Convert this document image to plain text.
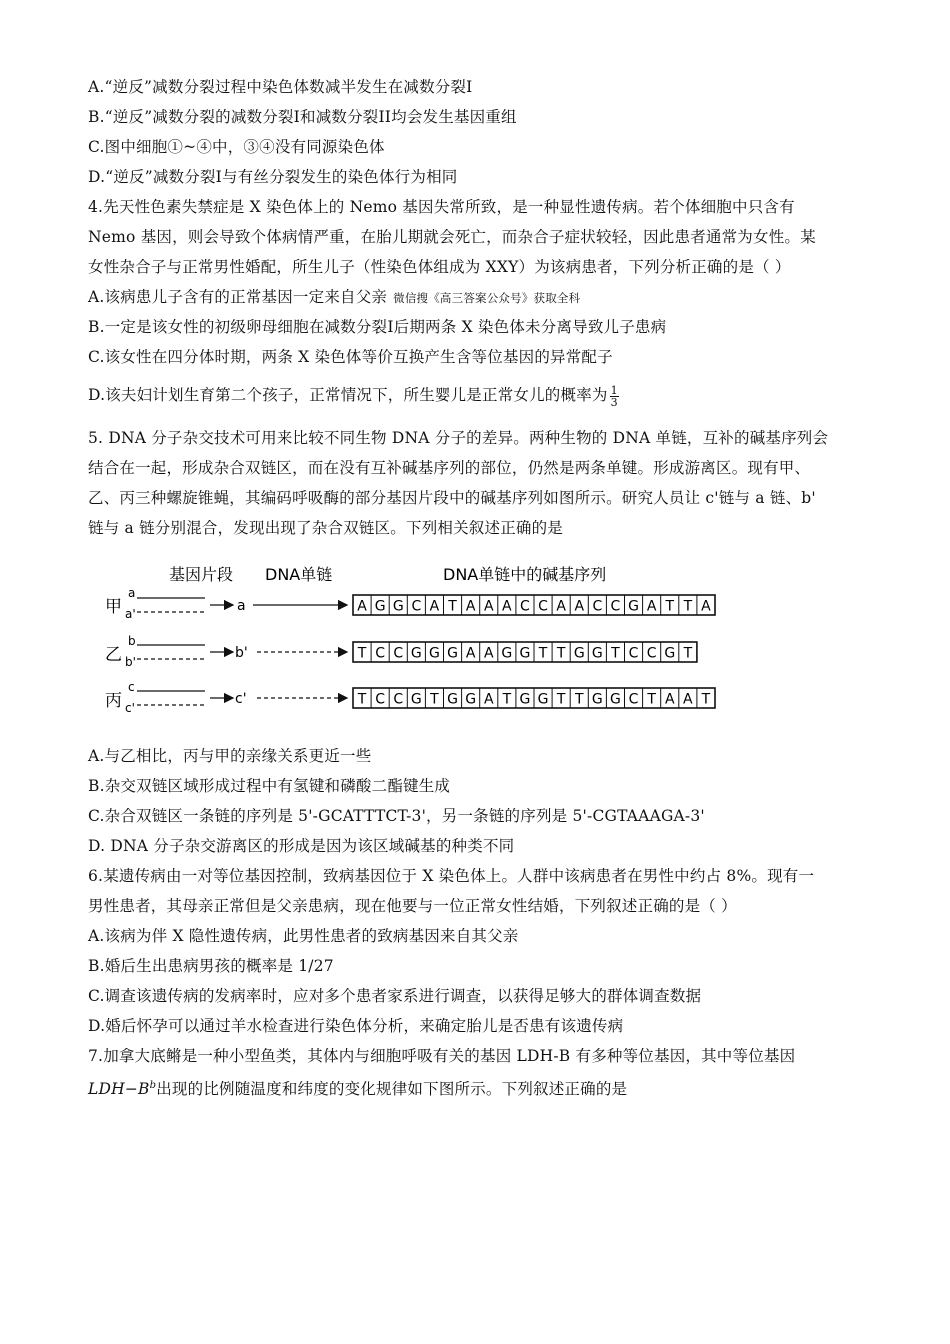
A.“逆反”减数分裂过程中染色体数减半发生在减数分裂I
B.“逆反”减数分裂的减数分裂I和减数分裂II均会发生基因重组
C.图中细胞①~④中，③④没有同源染色体
D.“逆反”减数分裂I与有丝分裂发生的染色体行为相同
4.先天性色素失禁症是 X 染色体上的 Nemo 基因失常所致，是一种显性遗传病。若个体细胞中只含有
Nemo 基因，则会导致个体病情严重，在胎儿期就会死亡，而杂合子症状较轻，因此患者通常为女性。某
女性杂合子与正常男性婚配，所生儿子（性染色体组成为 XXY）为该病患者，下列分析正确的是（ ）
A.该病患儿子含有的正常基因一定来自父亲 微信搜《高三答案公众号》获取全科
B.一定是该女性的初级卵母细胞在减数分裂I后期两条 X 染色体未分离导致儿子患病
C.该女性在四分体时期，两条 X 染色体等价互换产生含等位基因的异常配子
D.该夫妇计划生育第二个孩子，正常情况下，所生婴儿是正常女儿的概率为 $\frac{1}{3}$
5. DNA 分子杂交技术可用来比较不同生物 DNA 分子的差异。两种生物的 DNA 单链，互补的碱基序列会
结合在一起，形成杂合双链区，而在没有互补碱基序列的部位，仍然是两条单键。形成游离区。现有甲、
乙、丙三种螺旋锥蝇，其编码呼吸酶的部分基因片段中的碱基序列如图所示。研究人员让 c'链与 a 链、b'
链与 a 链分别混合，发现出现了杂合双链区。下列相关叙述正确的是
基因片段 DNA单链	DNA单链中的碱基序列
甲
乙
丙
a
a'
b
b'
c
c'
a
b'
c'
A G G C A T A A A C C A A C C G A T T A
T C C G G G A A G G T T G G T C C G T
T C C G T G G A T G G T T G G C T A A T
A.与乙相比，丙与甲的亲缘关系更近一些
B.杂交双链区域形成过程中有氢键和磷酸二酯键生成
C.杂合双链区一条链的序列是 5'-GCATTTCT-3'，另一条链的序列是 5'-CGTAAAGA-3'
D. DNA 分子杂交游离区的形成是因为该区域碱基的种类不同
6.某遗传病由一对等位基因控制，致病基因位于 X 染色体上。人群中该病患者在男性中约占 8%。现有一
男性患者，其母亲正常但是父亲患病，现在他要与一位正常女性结婚，下列叙述正确的是（ ）
A.该病为伴 X 隐性遗传病，此男性患者的致病基因来自其父亲
B.婚后生出患病男孩的概率是 1/27
C.调查该遗传病的发病率时，应对多个患者家系进行调查，以获得足够大的群体调查数据
D.婚后怀孕可以通过羊水检查进行染色体分析，来确定胎儿是否患有该遗传病
7.加拿大底鳉是一种小型鱼类，其体内与细胞呼吸有关的基因 LDH-B 有多种等位基因，其中等位基因
$LDH-B^b$出现的比例随温度和纬度的变化规律如下图所示。下列叙述正确的是
